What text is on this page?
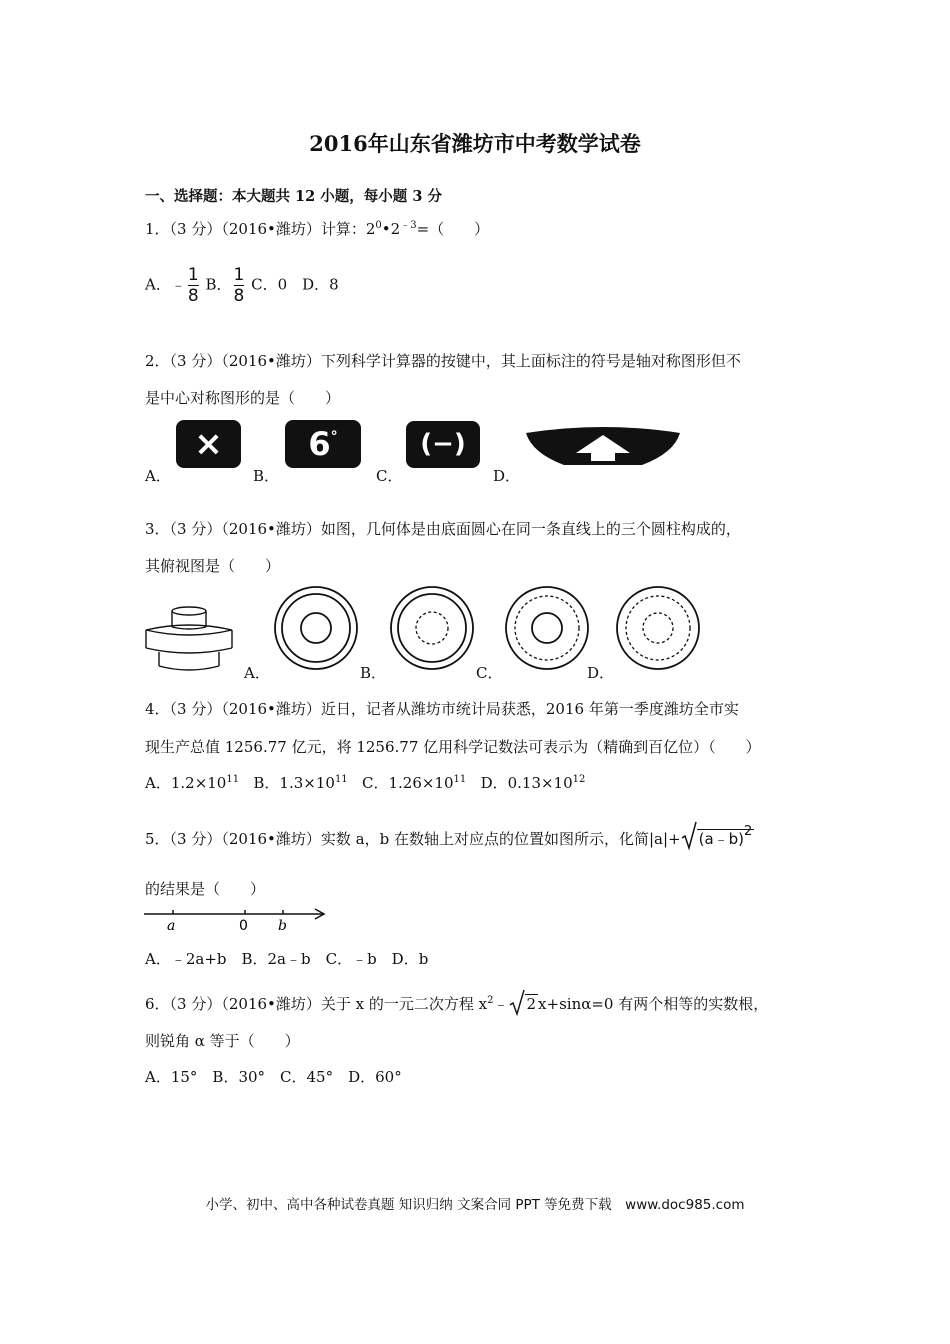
2016年山东省潍坊市中考数学试卷
一、选择题：本大题共 12 小题，每小题 3 分
1．（3 分）（2016•潍坊）计算：$2^0•2^{﹣3}=$（　　）
A．﹣ $\frac{1}{8}$ B． $\frac{1}{8}$ C．0　D．8
2．（3 分）（2016•潍坊）下列科学计算器的按键中，其上面标注的符号是轴对称图形但不
是中心对称图形的是（　　）
A．	B．	C．	D．
×	6°	(−)
3．（3 分）（2016•潍坊）如图，几何体是由底面圆心在同一条直线上的三个圆柱构成的，
其俯视图是（　　）
A．	B．	C．	D．
4．（3 分）（2016•潍坊）近日，记者从潍坊市统计局获悉，2016 年第一季度潍坊全市实
现生产总值 1256.77 亿元，将 1256.77 亿用科学记数法可表示为（精确到百亿位）（　　）
A．$1.2\times 10^{11}$ B．$1.3\times 10^{11}$ C．$1.26\times 10^{11}$ D．$0.13\times 10^{12}$
5．（3 分）（2016•潍坊）实数 a，b 在数轴上对应点的位置如图所示，化简|a|+ (a﹣b)$^2$
的结果是（　　）
a	0 b
A．﹣2a+b　B．2a﹣b　C．﹣b　D．b
6．（3 分）（2016•潍坊）关于 x 的一元二次方程 $x^2﹣$ 2 x+sinα=0 有两个相等的实数根，
则锐角 α 等于（　　）
A．15°　B．30°　C．45°　D．60°
小学、初中、高中各种试卷真题 知识归纳 文案合同 PPT 等免费下载　www.doc985.com
